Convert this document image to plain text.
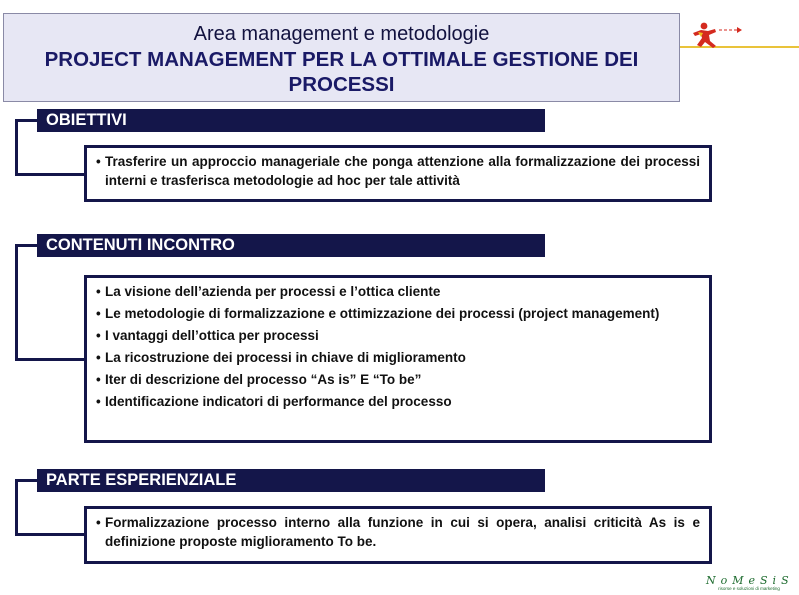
Area management e metodologie
PROJECT MANAGEMENT PER LA OTTIMALE GESTIONE DEI PROCESSI
OBIETTIVI
• Trasferire un approccio manageriale che ponga attenzione alla formalizzazione dei processi interni e trasferisca metodologie ad hoc per tale attività
CONTENUTI INCONTRO
• La visione dell’azienda per processi e l’ottica cliente
• Le metodologie di formalizzazione e ottimizzazione dei processi (project management)
• I vantaggi dell’ottica per processi
• La ricostruzione dei processi in chiave di miglioramento
• Iter di descrizione del processo “As is” E “To be”
• Identificazione indicatori di performance del processo
PARTE ESPERIENZIALE
• Formalizzazione processo interno alla funzione in cui si opera, analisi criticità As is e definizione proposte miglioramento To be.
NoMeSiS
risorse e soluzioni di marketing
